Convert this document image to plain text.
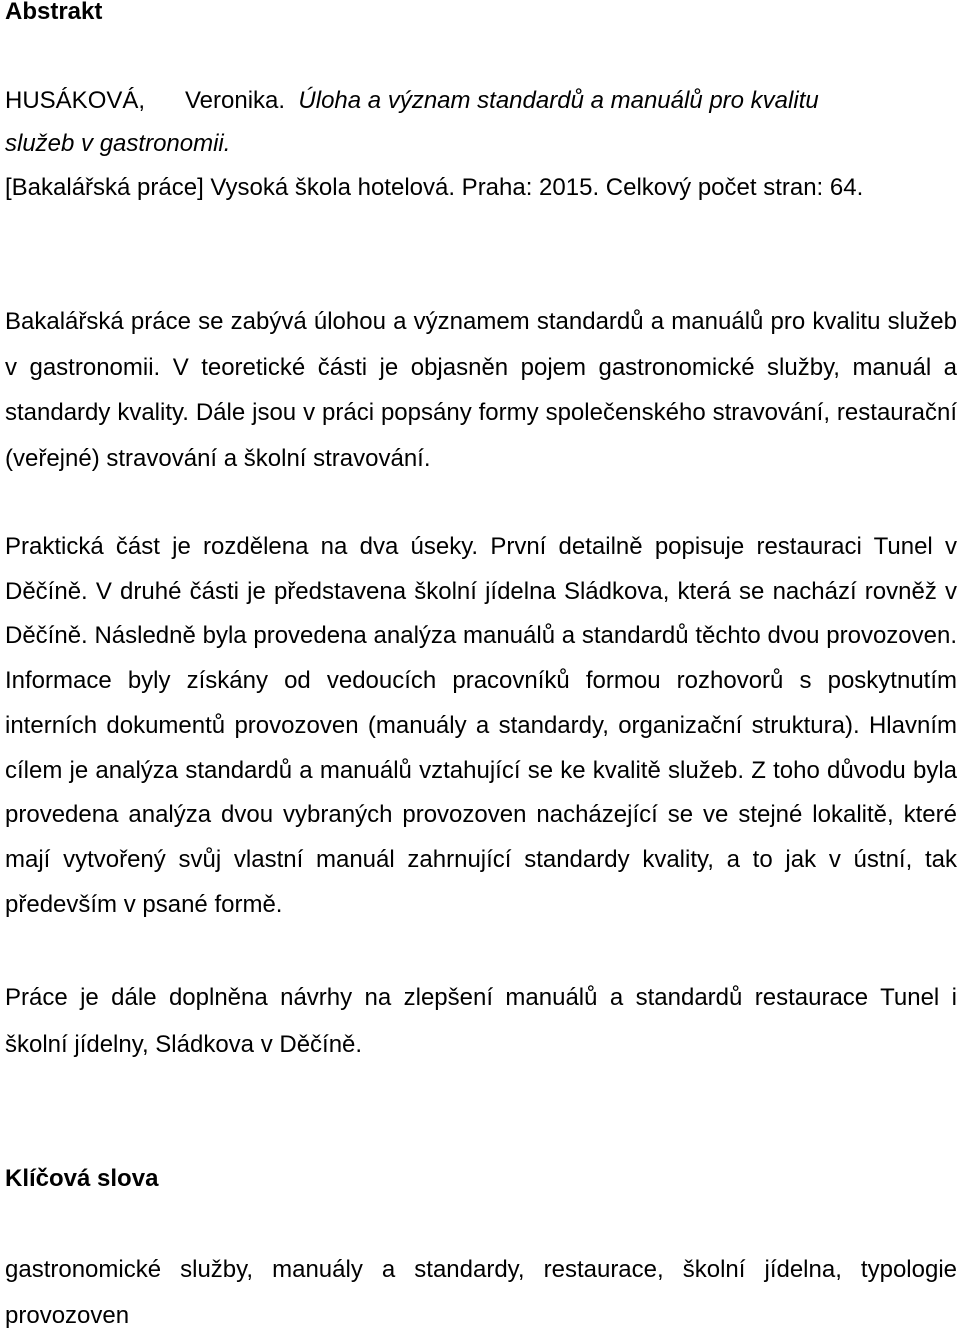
Abstrakt
HUSÁKOVÁ, Veronika. Úloha a význam standardů a manuálů pro kvalitu
služeb v gastronomii.
[Bakalářská práce] Vysoká škola hotelová. Praha: 2015. Celkový počet stran: 64.

Bakalářská práce se zabývá úlohou a významem standardů a manuálů pro kvalitu služeb v gastronomii. V teoretické části je objasněn pojem gastronomické služby, manuál a standardy kvality. Dále jsou v práci popsány formy společenského stravování, restaurační (veřejné) stravování a školní stravování.

Praktická část je rozdělena na dva úseky. První detailně popisuje restauraci Tunel v Děčíně. V druhé části je představena školní jídelna Sládkova, která se nachází rovněž v Děčíně. Následně byla provedena analýza manuálů a standardů těchto dvou provozoven. Informace byly získány od vedoucích pracovníků formou rozhovorů s poskytnutím interních dokumentů provozoven (manuály a standardy, organizační struktura). Hlavním cílem je analýza standardů a manuálů vztahující se ke kvalitě služeb. Z toho důvodu byla provedena analýza dvou vybraných provozoven nacházející se ve stejné lokalitě, které mají vytvořený svůj vlastní manuál zahrnující standardy kvality, a to jak v ústní, tak především v psané formě.

Práce je dále doplněna návrhy na zlepšení manuálů a standardů restaurace Tunel i školní jídelny, Sládkova v Děčíně.

Klíčová slova

gastronomické služby, manuály a standardy, restaurace, školní jídelna, typologie provozoven
